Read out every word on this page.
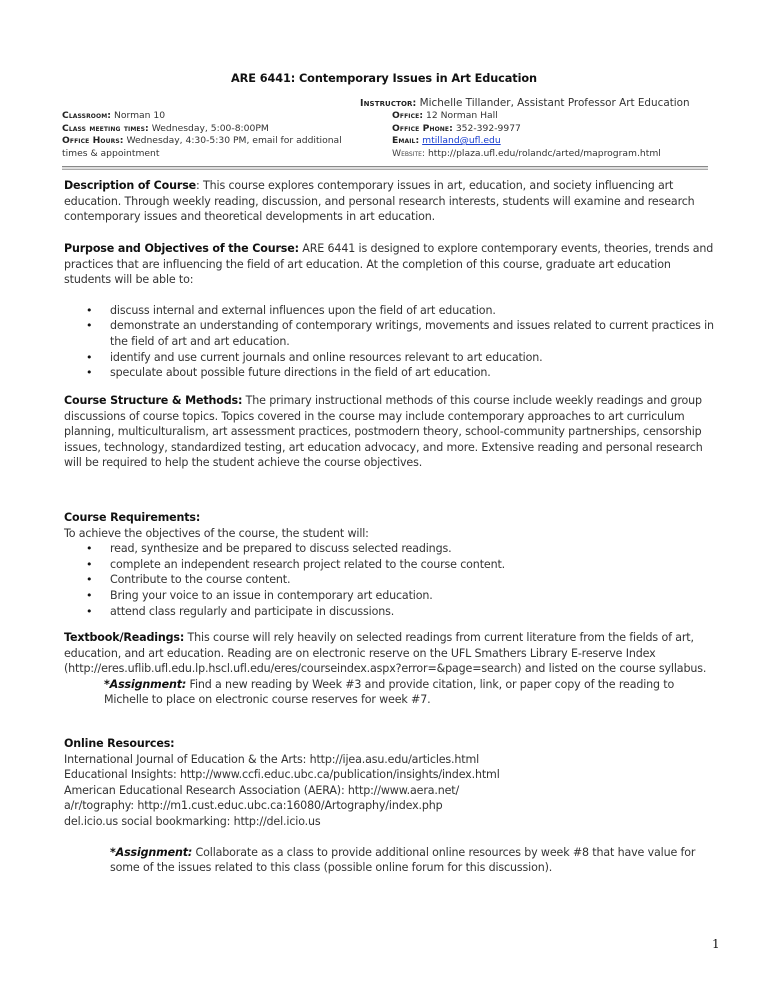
ARE 6441: Contemporary Issues in Art Education
Instructor: Michelle Tillander, Assistant Professor Art Education
Classroom: Norman 10
Class meeting times: Wednesday, 5:00-8:00PM
Office Hours: Wednesday, 4:30-5:30 PM, email for additional times & appointment
Office: 12 Norman Hall
Office Phone: 352-392-9977
Email: mtilland@ufl.edu
Website: http://plaza.ufl.edu/rolandc/arted/maprogram.html
Description of Course: This course explores contemporary issues in art, education, and society influencing art education. Through weekly reading, discussion, and personal research interests, students will examine and research contemporary issues and theoretical developments in art education.
Purpose and Objectives of the Course: ARE 6441 is designed to explore contemporary events, theories, trends and practices that are influencing the field of art education. At the completion of this course, graduate art education students will be able to:
• discuss internal and external influences upon the field of art education.
• demonstrate an understanding of contemporary writings, movements and issues related to current practices in the field of art and art education.
• identify and use current journals and online resources relevant to art education.
• speculate about possible future directions in the field of art education.
Course Structure & Methods: The primary instructional methods of this course include weekly readings and group discussions of course topics. Topics covered in the course may include contemporary approaches to art curriculum planning, multiculturalism, art assessment practices, postmodern theory, school-community partnerships, censorship issues, technology, standardized testing, art education advocacy, and more. Extensive reading and personal research will be required to help the student achieve the course objectives.
Course Requirements:
To achieve the objectives of the course, the student will:
• read, synthesize and be prepared to discuss selected readings.
• complete an independent research project related to the course content.
• Contribute to the course content.
• Bring your voice to an issue in contemporary art education.
• attend class regularly and participate in discussions.
Textbook/Readings: This course will rely heavily on selected readings from current literature from the fields of art, education, and art education. Reading are on electronic reserve on the UFL Smathers Library E-reserve Index (http://eres.uflib.ufl.edu.lp.hscl.ufl.edu/eres/courseindex.aspx?error=&page=search) and listed on the course syllabus.
*Assignment: Find a new reading by Week #3 and provide citation, link, or paper copy of the reading to Michelle to place on electronic course reserves for week #7.
Online Resources:
International Journal of Education & the Arts: http://ijea.asu.edu/articles.html
Educational Insights: http://www.ccfi.educ.ubc.ca/publication/insights/index.html
American Educational Research Association (AERA): http://www.aera.net/
a/r/tography: http://m1.cust.educ.ubc.ca:16080/Artography/index.php
del.icio.us social bookmarking: http://del.icio.us
*Assignment: Collaborate as a class to provide additional online resources by week #8 that have value for some of the issues related to this class (possible online forum for this discussion).
1
